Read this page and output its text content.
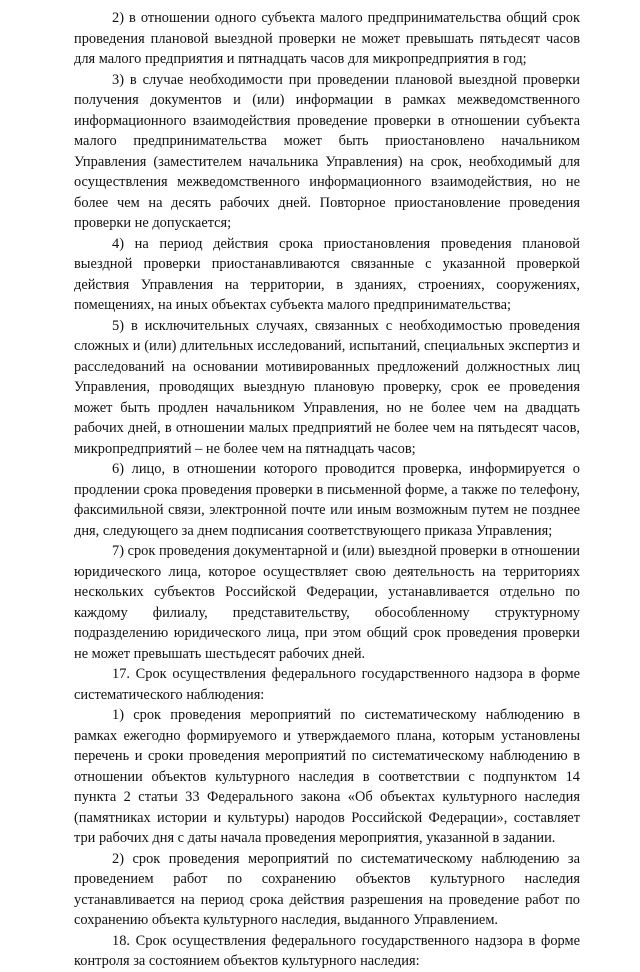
2) в отношении одного субъекта малого предпринимательства общий срок проведения плановой выездной проверки не может превышать пятьдесят часов для малого предприятия и пятнадцать часов для микропредприятия в год;

3) в случае необходимости при проведении плановой выездной проверки получения документов и (или) информации в рамках межведомственного информационного взаимодействия проведение проверки в отношении субъекта малого предпринимательства может быть приостановлено начальником Управления (заместителем начальника Управления) на срок, необходимый для осуществления межведомственного информационного взаимодействия, но не более чем на десять рабочих дней. Повторное приостановление проведения проверки не допускается;

4) на период действия срока приостановления проведения плановой выездной проверки приостанавливаются связанные с указанной проверкой действия Управления на территории, в зданиях, строениях, сооружениях, помещениях, на иных объектах субъекта малого предпринимательства;

5) в исключительных случаях, связанных с необходимостью проведения сложных и (или) длительных исследований, испытаний, специальных экспертиз и расследований на основании мотивированных предложений должностных лиц Управления, проводящих выездную плановую проверку, срок ее проведения может быть продлен начальником Управления, но не более чем на двадцать рабочих дней, в отношении малых предприятий не более чем на пятьдесят часов, микропредприятий – не более чем на пятнадцать часов;

6) лицо, в отношении которого проводится проверка, информируется о продлении срока проведения проверки в письменной форме, а также по телефону, факсимильной связи, электронной почте или иным возможным путем не позднее дня, следующего за днем подписания соответствующего приказа Управления;

7) срок проведения документарной и (или) выездной проверки в отношении юридического лица, которое осуществляет свою деятельность на территориях нескольких субъектов Российской Федерации, устанавливается отдельно по каждому филиалу, представительству, обособленному структурному подразделению юридического лица, при этом общий срок проведения проверки не может превышать шестьдесят рабочих дней.

17. Срок осуществления федерального государственного надзора в форме систематического наблюдения:

1) срок проведения мероприятий по систематическому наблюдению в рамках ежегодно формируемого и утверждаемого плана, которым установлены перечень и сроки проведения мероприятий по систематическому наблюдению в отношении объектов культурного наследия в соответствии с подпунктом 14 пункта 2 статьи 33 Федерального закона «Об объектах культурного наследия (памятниках истории и культуры) народов Российской Федерации», составляет три рабочих дня с даты начала проведения мероприятия, указанной в задании.

2) срок проведения мероприятий по систематическому наблюдению за проведением работ по сохранению объектов культурного наследия устанавливается на период срока действия разрешения на проведение работ по сохранению объекта культурного наследия, выданного Управлением.

18. Срок осуществления федерального государственного надзора в форме контроля за состоянием объектов культурного наследия:
